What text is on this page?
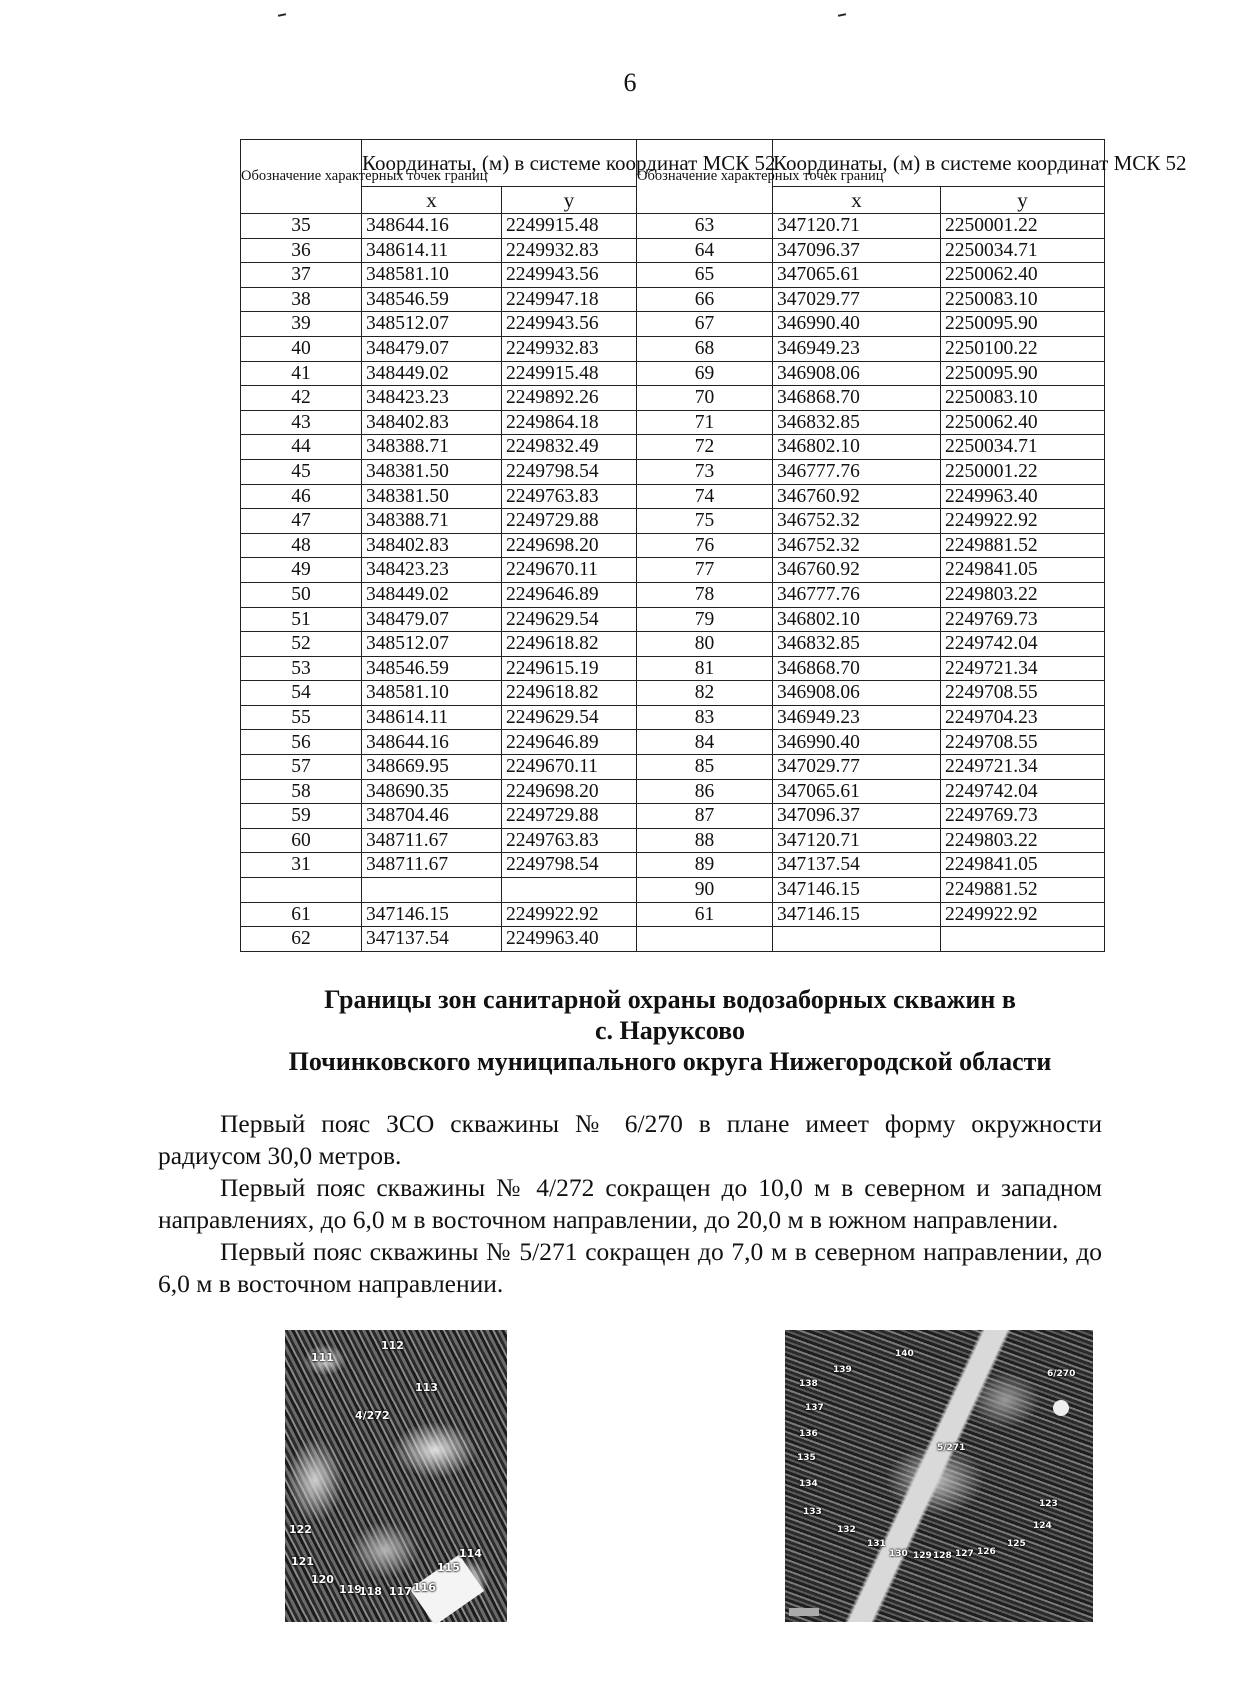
6
Обозначение характерных точек границ	Координаты, (м) в системе координат МСК 52		Обозначение характерных точек границ	Координаты, (м) в системе координат МСК 52	
	x	y		x	y
35	348644.16	2249915.48	63	347120.71	2250001.22
36	348614.11	2249932.83	64	347096.37	2250034.71
37	348581.10	2249943.56	65	347065.61	2250062.40
38	348546.59	2249947.18	66	347029.77	2250083.10
39	348512.07	2249943.56	67	346990.40	2250095.90
40	348479.07	2249932.83	68	346949.23	2250100.22
41	348449.02	2249915.48	69	346908.06	2250095.90
42	348423.23	2249892.26	70	346868.70	2250083.10
43	348402.83	2249864.18	71	346832.85	2250062.40
44	348388.71	2249832.49	72	346802.10	2250034.71
45	348381.50	2249798.54	73	346777.76	2250001.22
46	348381.50	2249763.83	74	346760.92	2249963.40
47	348388.71	2249729.88	75	346752.32	2249922.92
48	348402.83	2249698.20	76	346752.32	2249881.52
49	348423.23	2249670.11	77	346760.92	2249841.05
50	348449.02	2249646.89	78	346777.76	2249803.22
51	348479.07	2249629.54	79	346802.10	2249769.73
52	348512.07	2249618.82	80	346832.85	2249742.04
53	348546.59	2249615.19	81	346868.70	2249721.34
54	348581.10	2249618.82	82	346908.06	2249708.55
55	348614.11	2249629.54	83	346949.23	2249704.23
56	348644.16	2249646.89	84	346990.40	2249708.55
57	348669.95	2249670.11	85	347029.77	2249721.34
58	348690.35	2249698.20	86	347065.61	2249742.04
59	348704.46	2249729.88	87	347096.37	2249769.73
60	348711.67	2249763.83	88	347120.71	2249803.22
31	348711.67	2249798.54	89	347137.54	2249841.05
			90	347146.15	2249881.52
61	347146.15	2249922.92	61	347146.15	2249922.92
62	347137.54	2249963.40			
Границы зон санитарной охраны водозаборных скважин в
с. Наруксово
Починковского муниципального округа Нижегородской области

Первый пояс ЗСО скважины № 6/270 в плане имеет форму окружности радиусом 30,0 метров.

Первый пояс скважины № 4/272 сокращен до 10,0 м в северном и западном направлениях, до 6,0 м в восточном направлении, до 20,0 м в южном направлении.

Первый пояс скважины № 5/271 сокращен до 7,0 м в северном направлении, до 6,0 м в восточном направлении.

111
112
113
4/272
122
121
120
119
118 117 116
115
114
140
139
138
137
136
135
134
133
132
131
130 129 128 127 126
125
124
123
5/271
6/270
